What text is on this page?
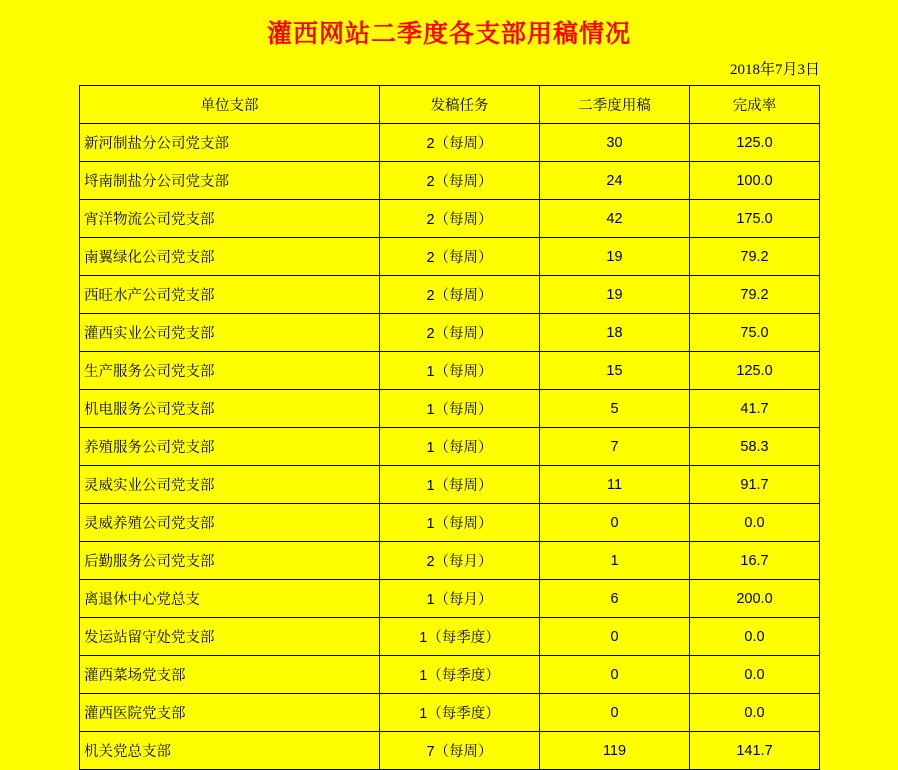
灌西网站二季度各支部用稿情况
2018年7月3日
单位支部	发稿任务	二季度用稿	完成率
新河制盐分公司党支部	2（每周）	30	125.0
埒南制盐分公司党支部	2（每周）	24	100.0
宵洋物流公司党支部	2（每周）	42	175.0
南翼绿化公司党支部	2（每周）	19	79.2
西旺水产公司党支部	2（每周）	19	79.2
灌西实业公司党支部	2（每周）	18	75.0
生产服务公司党支部	1（每周）	15	125.0
机电服务公司党支部	1（每周）	5	41.7
养殖服务公司党支部	1（每周）	7	58.3
灵威实业公司党支部	1（每周）	11	91.7
灵威养殖公司党支部	1（每周）	0	0.0
后勤服务公司党支部	2（每月）	1	16.7
离退休中心党总支	1（每月）	6	200.0
发运站留守处党支部	1（每季度）	0	0.0
灌西菜场党支部	1（每季度）	0	0.0
灌西医院党支部	1（每季度）	0	0.0
机关党总支部	7（每周）	119	141.7
